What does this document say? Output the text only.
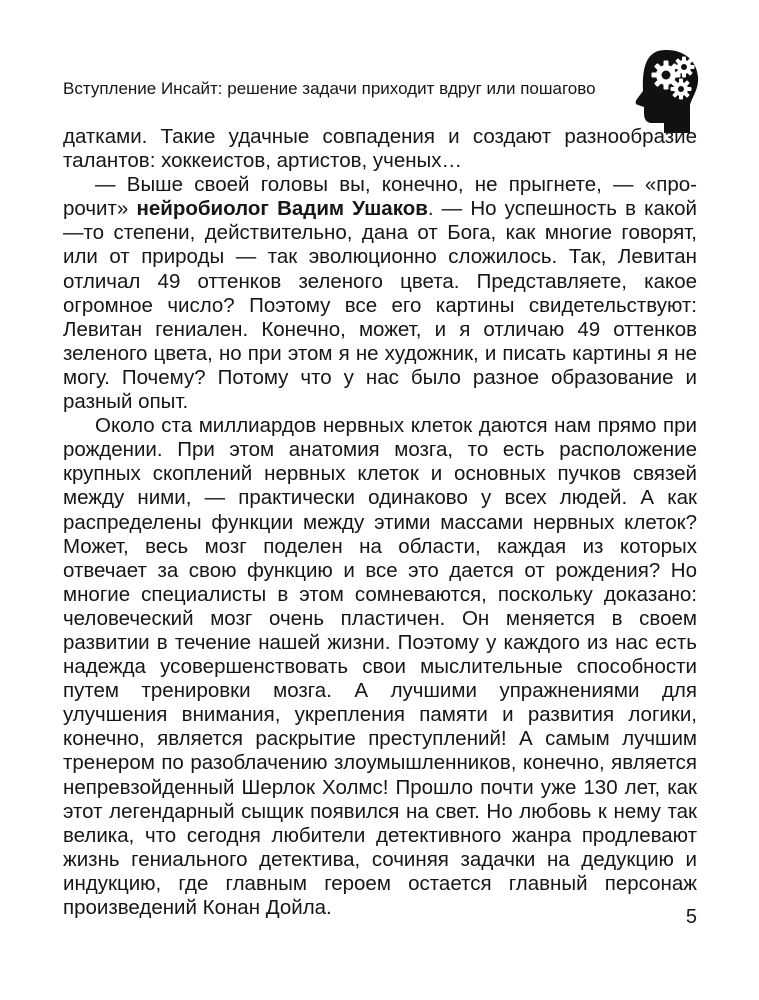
Вступление Инсайт: решение задачи приходит вдруг или пошагово

датками. Такие удачные совпадения и создают разнообразие талантов: хоккеистов, артистов, ученых…

— Выше своей головы вы, конечно, не прыгнете, — «пророчит» нейробиолог Вадим Ушаков. — Но успешность в какой—то степени, действительно, дана от Бога, как многие говорят, или от природы — так эволюционно сложилось. Так, Левитан отличал 49 оттенков зеленого цвета. Представляете, какое огромное число? Поэтому все его картины свидетельствуют: Левитан гениален. Конечно, может, и я отличаю 49 оттенков зеленого цвета, но при этом я не художник, и писать картины я не могу. Почему? Потому что у нас было разное образование и разный опыт.

Около ста миллиардов нервных клеток даются нам прямо при рождении. При этом анатомия мозга, то есть расположение крупных скоплений нервных клеток и основных пучков связей между ними, — практически одинаково у всех людей. А как распределены функции между этими массами нервных клеток? Может, весь мозг поделен на области, каждая из которых отвечает за свою функцию и все это дается от рождения? Но многие специалисты в этом сомневаются, поскольку доказано: человеческий мозг очень пластичен. Он меняется в своем развитии в течение нашей жизни. Поэтому у каждого из нас есть надежда усовершенствовать свои мыслительные способности путем тренировки мозга. А лучшими упражнениями для улучшения внимания, укрепления памяти и развития логики, конечно, является раскрытие преступлений! А самым лучшим тренером по разоблачению злоумышленников, конечно, является непревзойденный Шерлок Холмс! Прошло почти уже 130 лет, как этот легендарный сыщик появился на свет. Но любовь к нему так велика, что сегодня любители детективного жанра продлевают жизнь гениального детектива, сочиняя задачки на дедукцию и индукцию, где главным героем остается главный персонаж произведений Конан Дойла.	5
